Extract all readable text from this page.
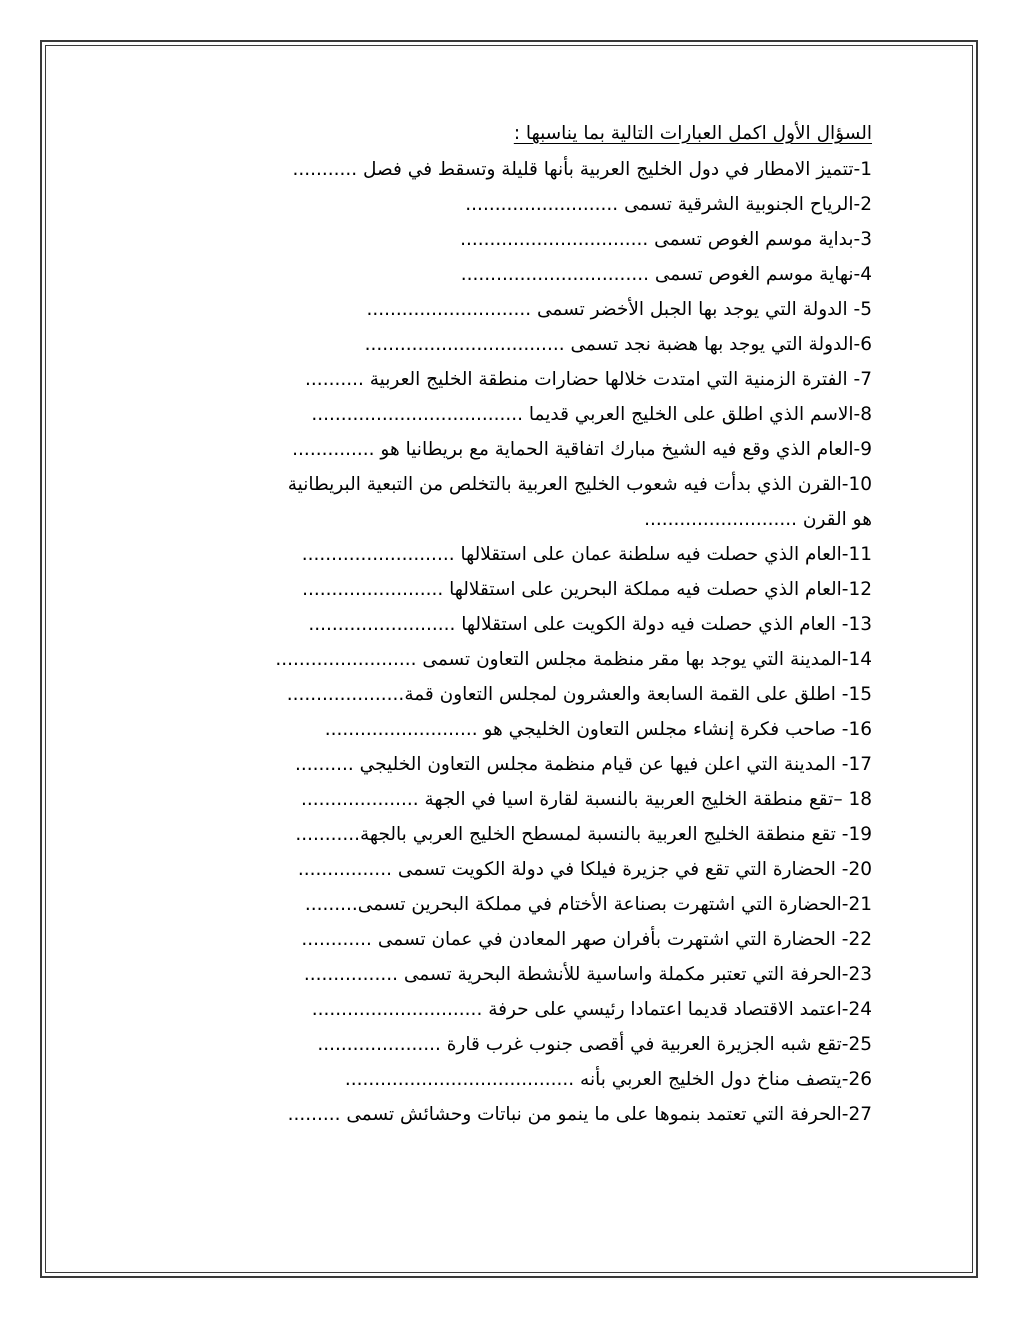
السؤال الأول اكمل العبارات التالية بما يناسبها :
1-تتميز الامطار في دول الخليج العربية بأنها قليلة وتسقط في فصل ...........
2-الرياح الجنوبية الشرقية تسمى ..........................
3-بداية موسم الغوص تسمى ................................
4-نهاية موسم الغوص تسمى ................................
5- الدولة التي يوجد بها الجبل الأخضر تسمى ............................
6-الدولة التي يوجد بها هضبة نجد تسمى ..................................
7- الفترة الزمنية التي امتدت خلالها حضارات منطقة الخليج العربية ..........
8-الاسم الذي اطلق على الخليج العربي قديما ....................................
9-العام الذي وقع فيه الشيخ مبارك اتفاقية الحماية مع بريطانيا هو ..............
10-القرن الذي بدأت فيه شعوب الخليج العربية بالتخلص من التبعية البريطانية
هو القرن ..........................
11-العام الذي حصلت فيه سلطنة عمان على استقلالها ..........................
12-العام الذي حصلت فيه مملكة البحرين على استقلالها ........................
13- العام الذي حصلت فيه دولة الكويت على استقلالها .........................
14-المدينة التي يوجد بها مقر منظمة مجلس التعاون تسمى ........................
15- اطلق على القمة السابعة والعشرون لمجلس التعاون قمة....................
16- صاحب فكرة إنشاء مجلس التعاون الخليجي هو ..........................
17- المدينة التي اعلن فيها عن قيام منظمة مجلس التعاون الخليجي ..........
18 –تقع منطقة الخليج العربية بالنسبة لقارة اسيا في الجهة ....................
19- تقع منطقة الخليج العربية بالنسبة لمسطح الخليج العربي بالجهة...........
20- الحضارة التي تقع في جزيرة فيلكا في دولة الكويت تسمى ................
21-الحضارة التي اشتهرت بصناعة الأختام في مملكة البحرين تسمى.........
22- الحضارة التي اشتهرت بأفران صهر المعادن في عمان تسمى ............
23-الحرفة التي تعتبر مكملة واساسية للأنشطة البحرية تسمى ................
24-اعتمد الاقتصاد قديما اعتمادا رئيسي على حرفة .............................
25-تقع شبه الجزيرة العربية في أقصى جنوب غرب قارة .....................
26-يتصف مناخ دول الخليج العربي بأنه .......................................
27-الحرفة التي تعتمد بنموها على ما ينمو من نباتات وحشائش تسمى .........
